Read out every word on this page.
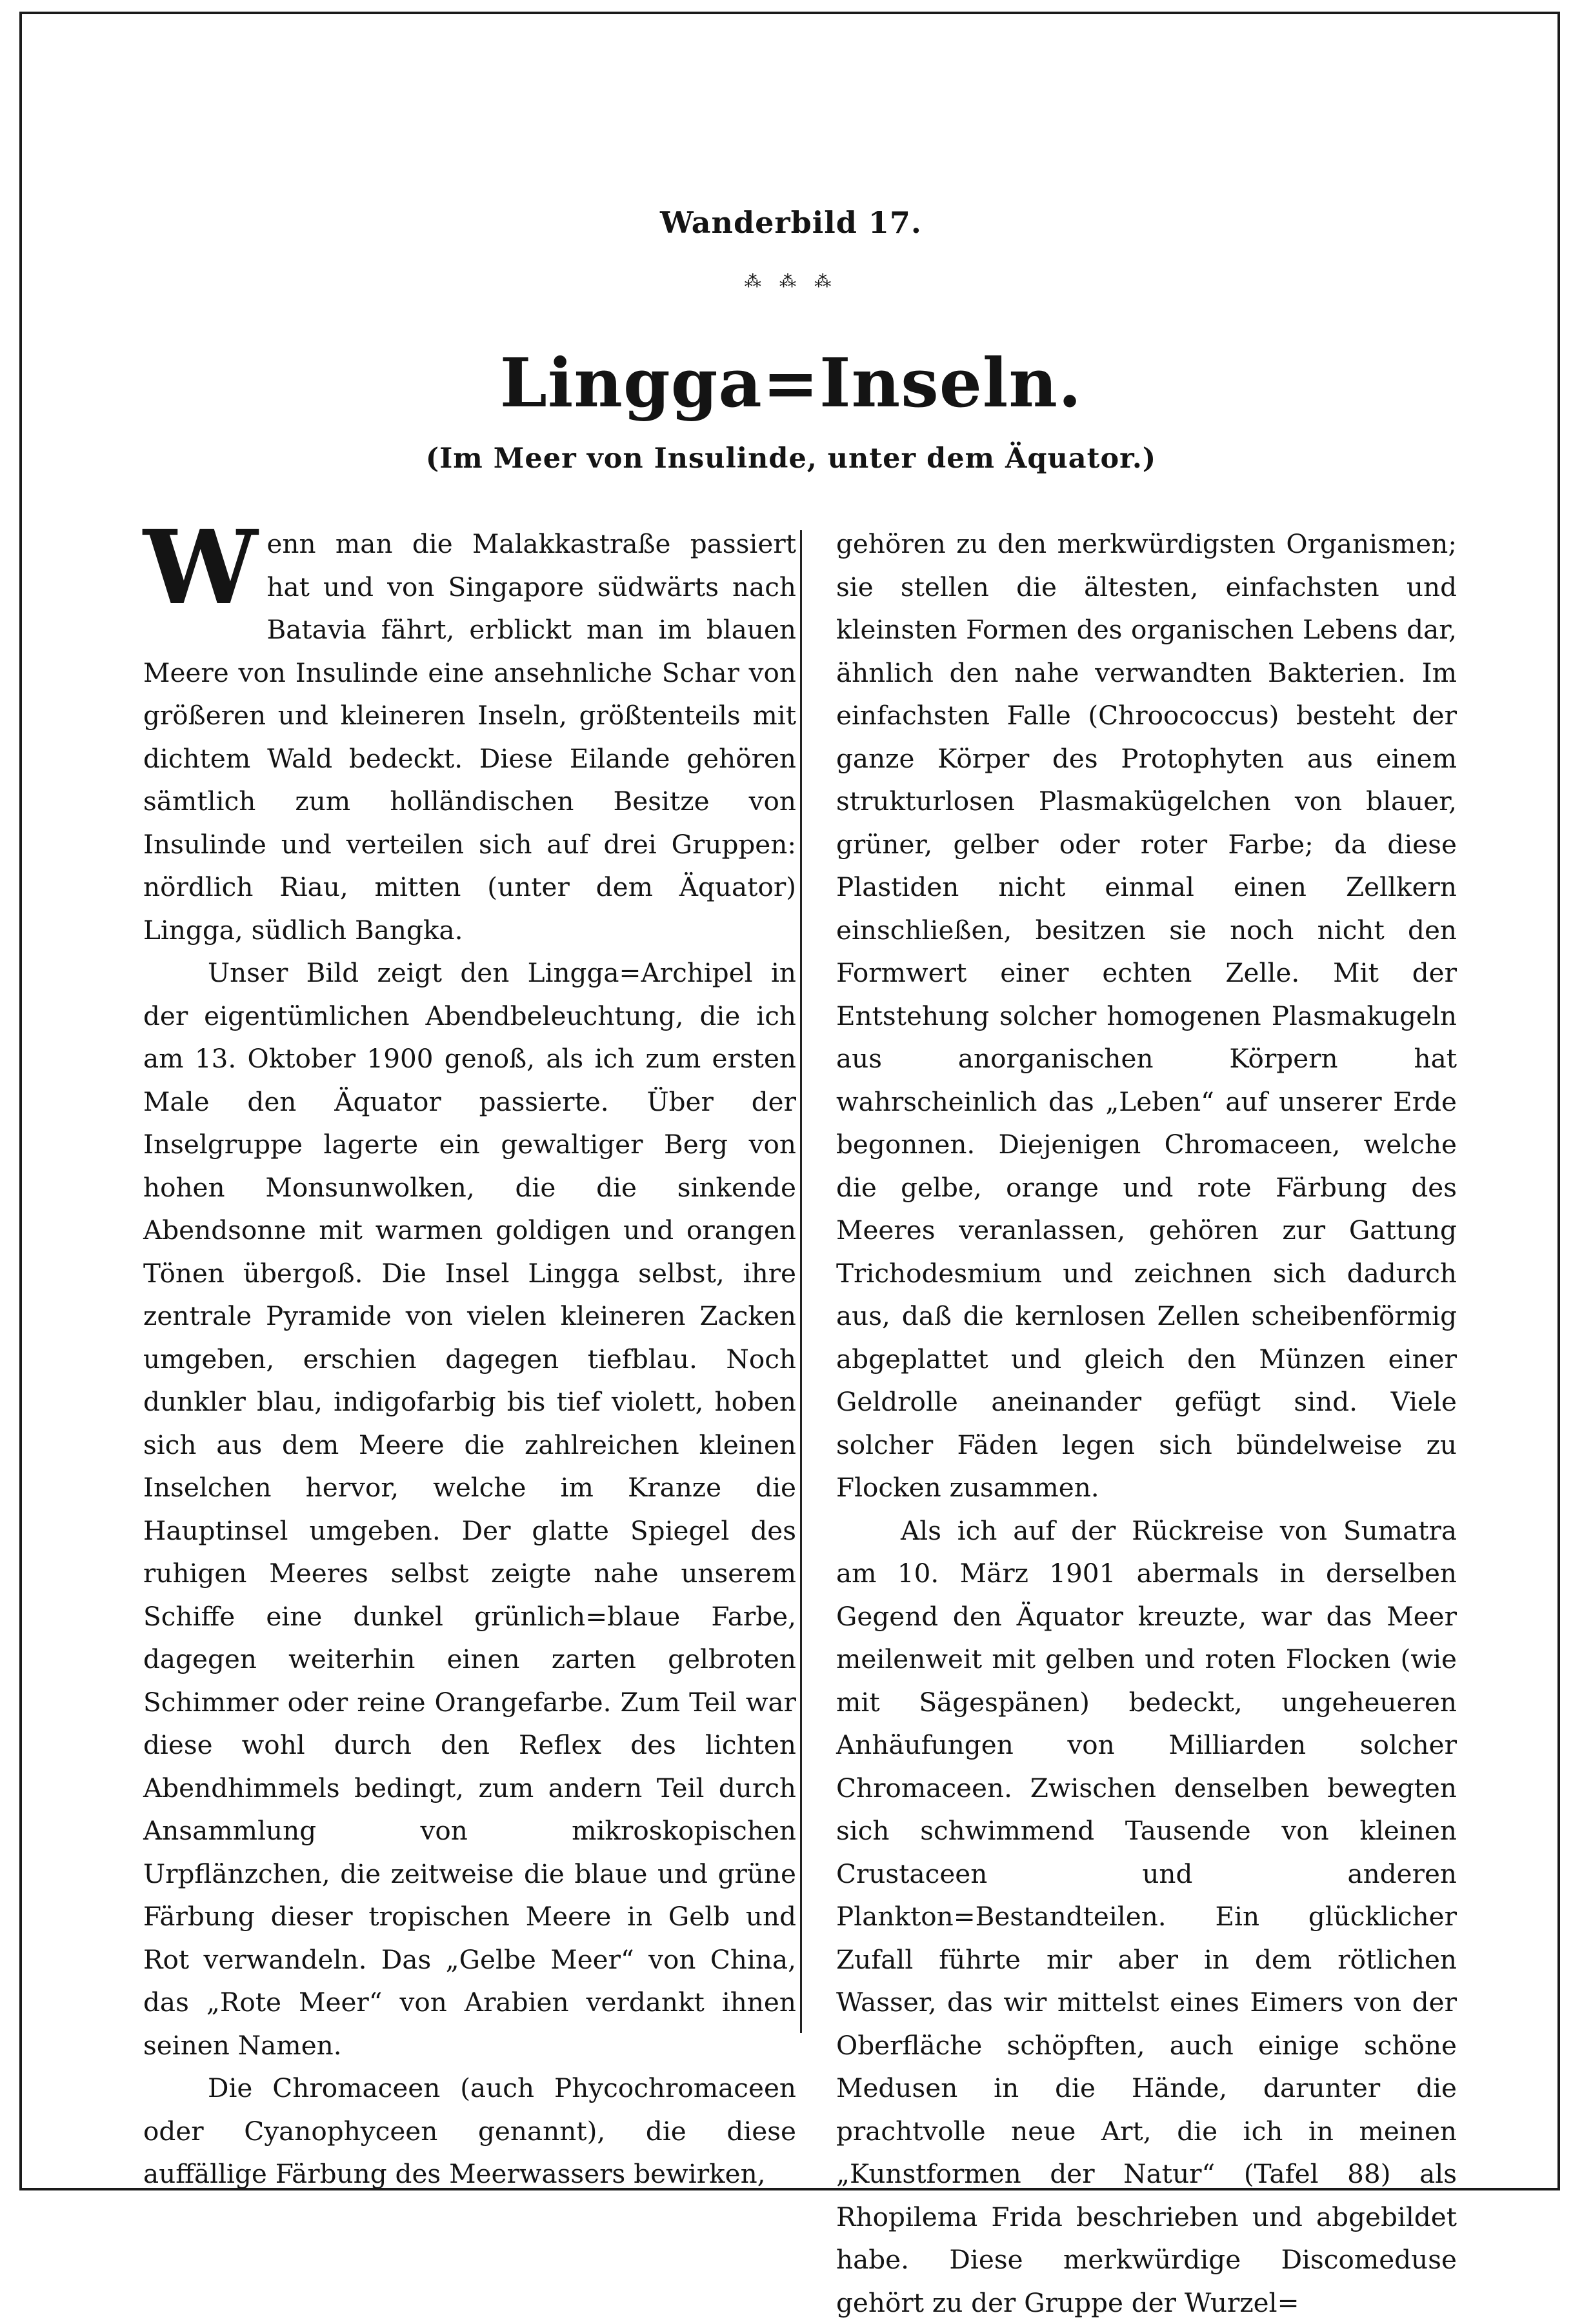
Wanderbild 17.
⁂ ⁂ ⁂
Lingga=Inseln.
(Im Meer von Insulinde, unter dem Äquator.)

Wenn man die Malakkastraße passiert hat und von Singapore südwärts nach Batavia fährt, erblickt man im blauen Meere von Insulinde eine ansehnliche Schar von größeren und kleineren Inseln, größtenteils mit dichtem Wald bedeckt. Diese Eilande gehören sämtlich zum holländischen Besitze von Insulinde und verteilen sich auf drei Gruppen: nördlich Riau, mitten (unter dem Äquator) Lingga, südlich Bangka.

Unser Bild zeigt den Lingga=Archipel in der eigentümlichen Abendbeleuchtung, die ich am 13. Oktober 1900 genoß, als ich zum ersten Male den Äquator passierte. Über der Inselgruppe lagerte ein gewaltiger Berg von hohen Monsunwolken, die die sinkende Abendsonne mit warmen goldigen und orangen Tönen übergoß. Die Insel Lingga selbst, ihre zentrale Pyramide von vielen kleineren Zacken umgeben, erschien dagegen tiefblau. Noch dunkler blau, indigofarbig bis tief violett, hoben sich aus dem Meere die zahlreichen kleinen Inselchen hervor, welche im Kranze die Hauptinsel umgeben. Der glatte Spiegel des ruhigen Meeres selbst zeigte nahe unserem Schiffe eine dunkel grünlich=blaue Farbe, dagegen weiterhin einen zarten gelbroten Schimmer oder reine Orangefarbe. Zum Teil war diese wohl durch den Reflex des lichten Abendhimmels bedingt, zum andern Teil durch Ansammlung von mikroskopischen Urpflänzchen, die zeitweise die blaue und grüne Färbung dieser tropischen Meere in Gelb und Rot verwandeln. Das „Gelbe Meer“ von China, das „Rote Meer“ von Arabien verdankt ihnen seinen Namen.

Die Chromaceen (auch Phycochromaceen oder Cyanophyceen genannt), die diese auffällige Färbung des Meerwassers bewirken,

gehören zu den merkwürdigsten Organismen; sie stellen die ältesten, einfachsten und kleinsten Formen des organischen Lebens dar, ähnlich den nahe verwandten Bakterien. Im einfachsten Falle (Chroococcus) besteht der ganze Körper des Protophyten aus einem strukturlosen Plasmakügelchen von blauer, grüner, gelber oder roter Farbe; da diese Plastiden nicht einmal einen Zellkern einschließen, besitzen sie noch nicht den Formwert einer echten Zelle. Mit der Entstehung solcher homogenen Plasmakugeln aus anorganischen Körpern hat wahrscheinlich das „Leben“ auf unserer Erde begonnen. Diejenigen Chromaceen, welche die gelbe, orange und rote Färbung des Meeres veranlassen, gehören zur Gattung Trichodesmium und zeichnen sich dadurch aus, daß die kernlosen Zellen scheibenförmig abgeplattet und gleich den Münzen einer Geldrolle aneinander gefügt sind. Viele solcher Fäden legen sich bündelweise zu Flocken zusammen.

Als ich auf der Rückreise von Sumatra am 10. März 1901 abermals in derselben Gegend den Äquator kreuzte, war das Meer meilenweit mit gelben und roten Flocken (wie mit Sägespänen) bedeckt, ungeheueren Anhäufungen von Milliarden solcher Chromaceen. Zwischen denselben bewegten sich schwimmend Tausende von kleinen Crustaceen und anderen Plankton=Bestandteilen. Ein glücklicher Zufall führte mir aber in dem rötlichen Wasser, das wir mittelst eines Eimers von der Oberfläche schöpften, auch einige schöne Medusen in die Hände, darunter die prachtvolle neue Art, die ich in meinen „Kunstformen der Natur“ (Tafel 88) als Rhopilema Frida beschrieben und abgebildet habe. Diese merkwürdige Discomeduse gehört zu der Gruppe der Wurzel=
